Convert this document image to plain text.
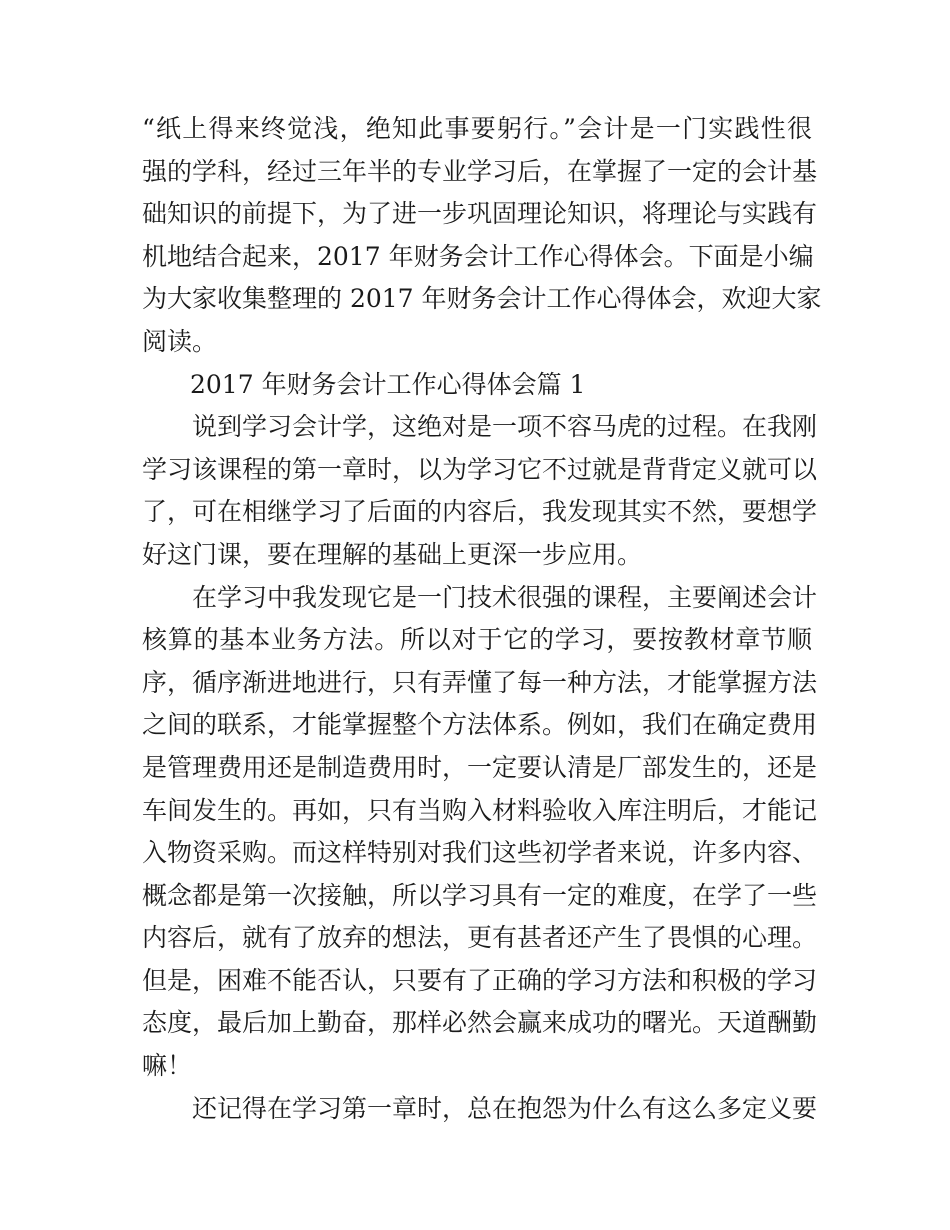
“纸上得来终觉浅，绝知此事要躬行。”会计是一门实践性很
强的学科，经过三年半的专业学习后，在掌握了一定的会计基
础知识的前提下，为了进一步巩固理论知识，将理论与实践有
机地结合起来，2017 年财务会计工作心得体会。下面是小编
为大家收集整理的 2017 年财务会计工作心得体会，欢迎大家
阅读。
2017 年财务会计工作心得体会篇 1
说到学习会计学，这绝对是一项不容马虎的过程。在我刚
学习该课程的第一章时，以为学习它不过就是背背定义就可以
了，可在相继学习了后面的内容后，我发现其实不然，要想学
好这门课，要在理解的基础上更深一步应用。
在学习中我发现它是一门技术很强的课程，主要阐述会计
核算的基本业务方法。所以对于它的学习，要按教材章节顺
序，循序渐进地进行，只有弄懂了每一种方法，才能掌握方法
之间的联系，才能掌握整个方法体系。例如，我们在确定费用
是管理费用还是制造费用时，一定要认清是厂部发生的，还是
车间发生的。再如，只有当购入材料验收入库注明后，才能记
入物资采购。而这样特别对我们这些初学者来说，许多内容、
概念都是第一次接触，所以学习具有一定的难度，在学了一些
内容后，就有了放弃的想法，更有甚者还产生了畏惧的心理。
但是，困难不能否认，只要有了正确的学习方法和积极的学习
态度，最后加上勤奋，那样必然会赢来成功的曙光。天道酬勤
嘛！
还记得在学习第一章时，总在抱怨为什么有这么多定义要
